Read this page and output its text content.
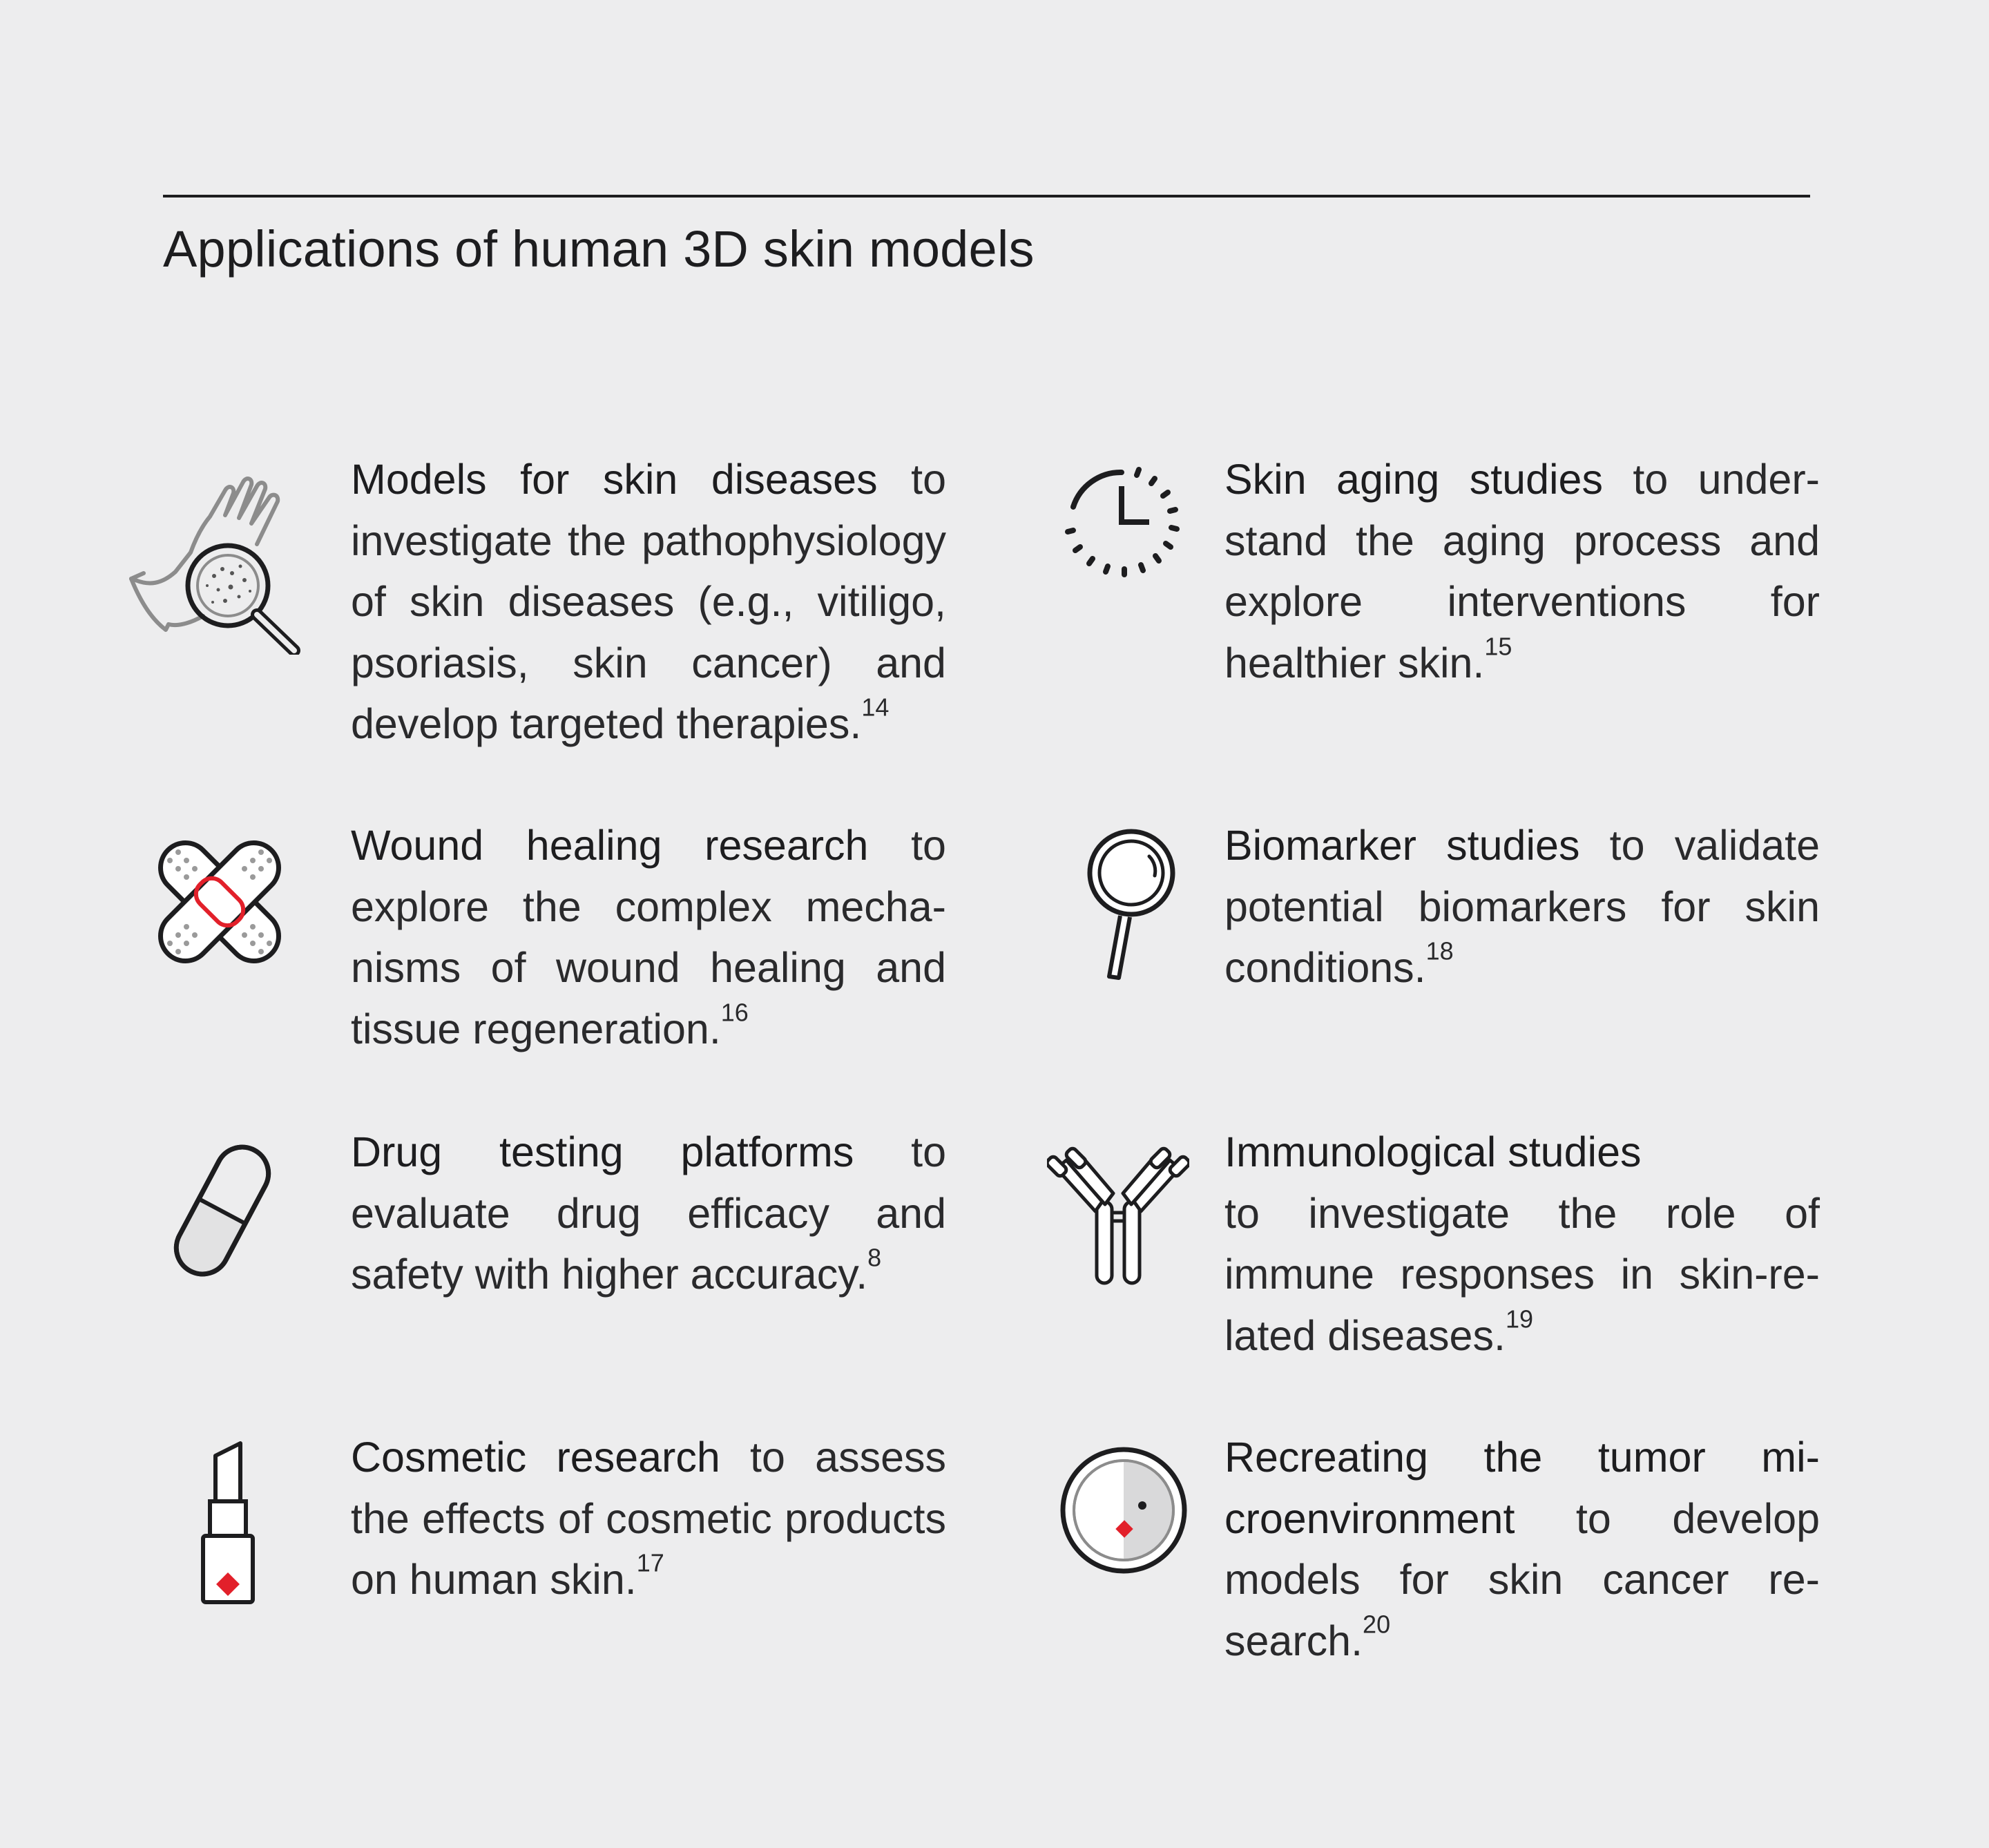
Applications of human 3D skin models
Models for skin diseases to investigate the pathophysiology of skin diseases (e.g., vitiligo, psoriasis, skin cancer) and develop targeted therapies.$^{14}$
Skin aging studies to understand the aging process and explore interventions for healthier skin.$^{15}$
Wound healing research to explore the complex mechanisms of wound healing and tissue regeneration.$^{16}$
Biomarker studies to validate potential biomarkers for skin conditions.$^{18}$
Drug testing platforms to evaluate drug efficacy and safety with higher accuracy.$^8$
Immunological studies
to investigate the role of immune responses in skin-related diseases.$^{19}$
Cosmetic research to assess the effects of cosmetic products on human skin.$^{17}$
Recreating the tumor microenvironment to develop models for skin cancer research.$^{20}$
